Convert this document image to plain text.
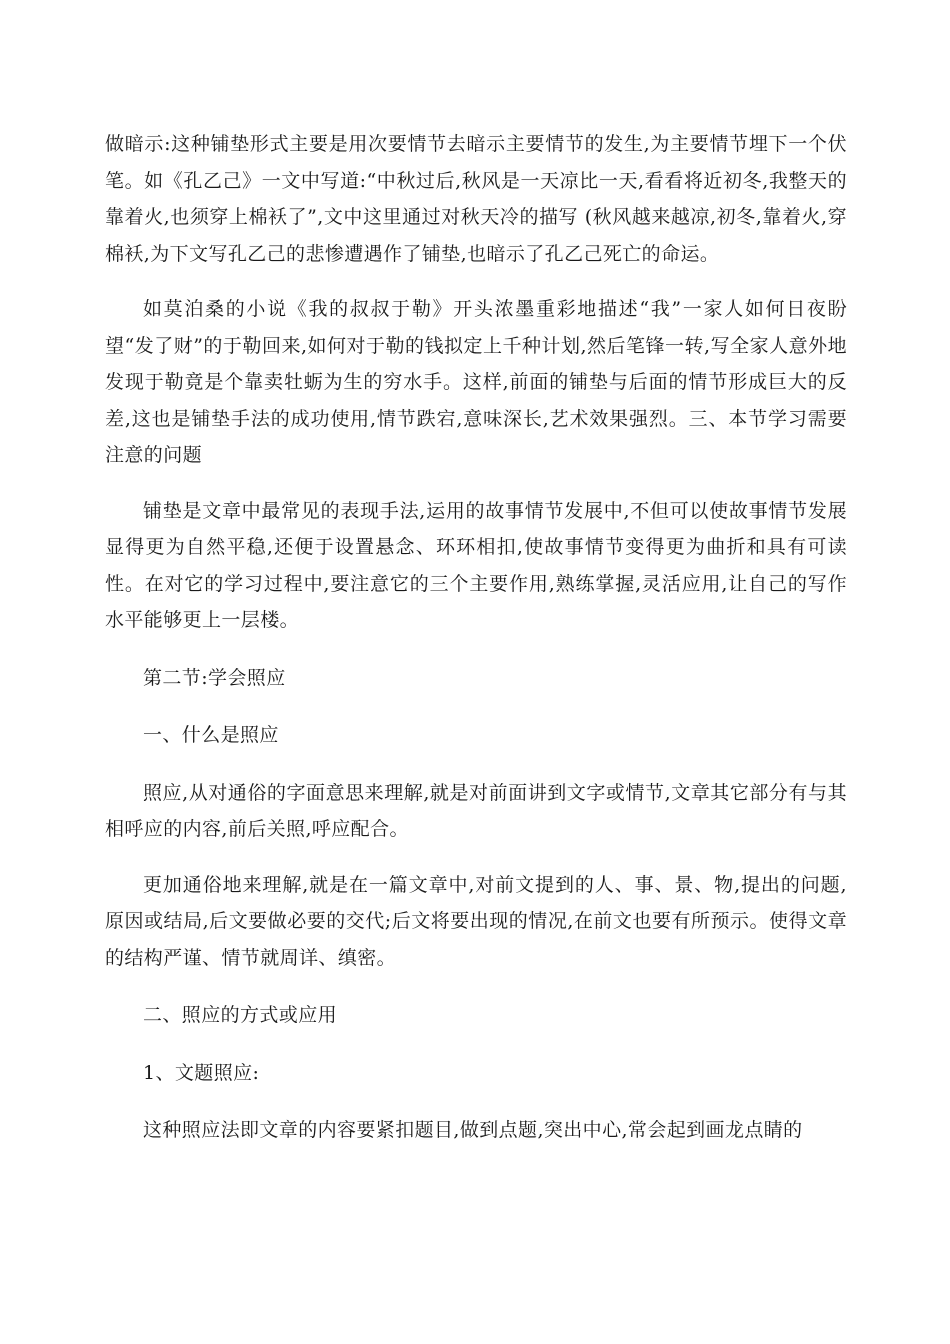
做暗示:这种铺垫形式主要是用次要情节去暗示主要情节的发生,为主要情节埋下一个伏笔。如《孔乙己》一文中写道:“中秋过后,秋风是一天凉比一天,看看将近初冬,我整天的靠着火,也须穿上棉袄了”,文中这里通过对秋天冷的描写 (秋风越来越凉,初冬,靠着火,穿棉袄,为下文写孔乙己的悲惨遭遇作了铺垫,也暗示了孔乙己死亡的命运。

如莫泊桑的小说《我的叔叔于勒》开头浓墨重彩地描述“我”一家人如何日夜盼望“发了财”的于勒回来,如何对于勒的钱拟定上千种计划,然后笔锋一转,写全家人意外地发现于勒竟是个靠卖牡蛎为生的穷水手。这样,前面的铺垫与后面的情节形成巨大的反差,这也是铺垫手法的成功使用,情节跌宕,意味深长,艺术效果强烈。三、本节学习需要注意的问题

铺垫是文章中最常见的表现手法,运用的故事情节发展中,不但可以使故事情节发展显得更为自然平稳,还便于设置悬念、环环相扣,使故事情节变得更为曲折和具有可读性。在对它的学习过程中,要注意它的三个主要作用,熟练掌握,灵活应用,让自己的写作水平能够更上一层楼。

第二节:学会照应

一、什么是照应

照应,从对通俗的字面意思来理解,就是对前面讲到文字或情节,文章其它部分有与其相呼应的内容,前后关照,呼应配合。

更加通俗地来理解,就是在一篇文章中,对前文提到的人、事、景、物,提出的问题,原因或结局,后文要做必要的交代;后文将要出现的情况,在前文也要有所预示。使得文章的结构严谨、情节就周详、缜密。

二、照应的方式或应用

1、文题照应:

这种照应法即文章的内容要紧扣题目,做到点题,突出中心,常会起到画龙点睛的
